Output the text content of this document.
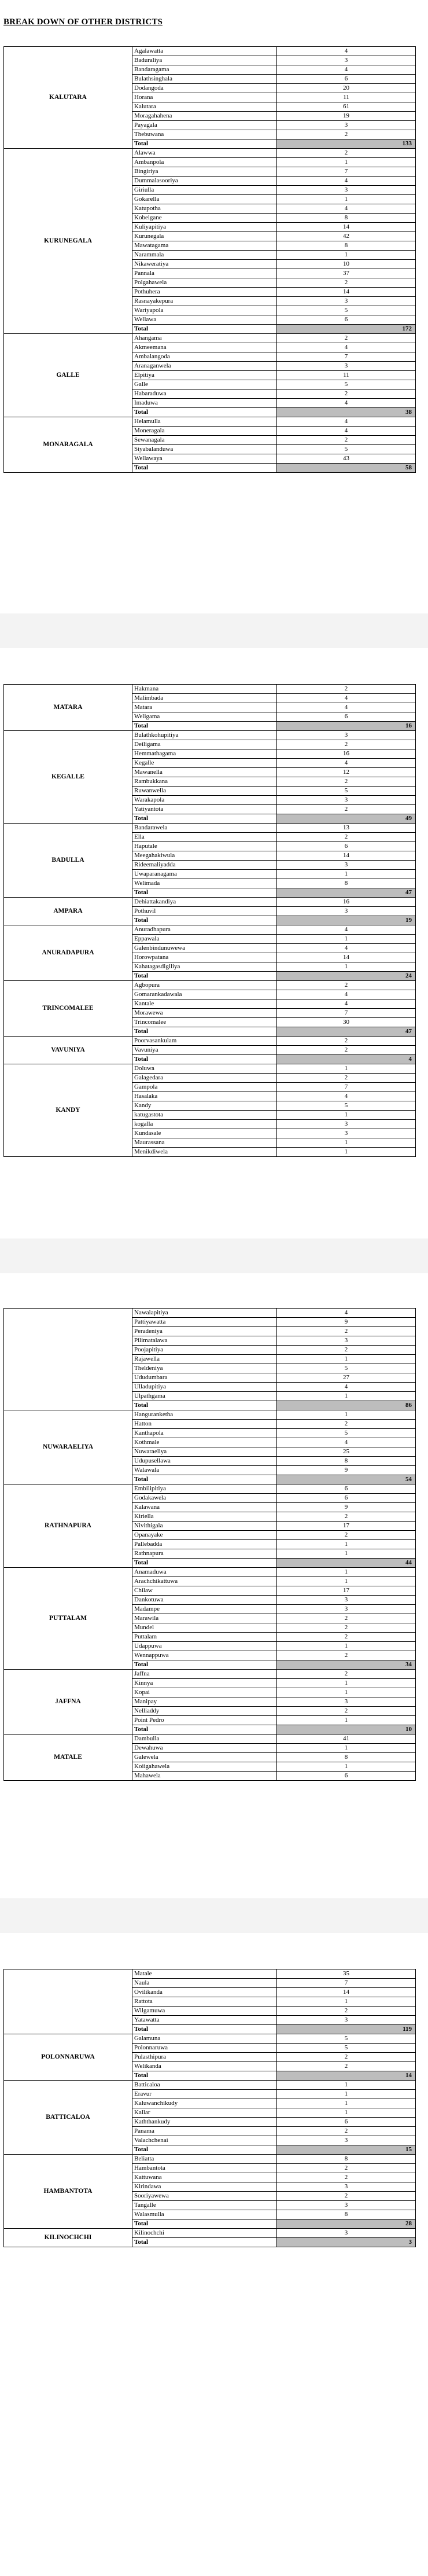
BREAK DOWN OF OTHER DISTRICTS
KALUTARA	Agalawatta	4
	Baduraliya	3
	Bandaragama	4
	Bulathsinghala	6
	Dodangoda	20
	Horana	11
	Kalutara	61
	Moragahahena	19
	Payagala	3
	Thebuwana	2
	Total	133
KURUNEGALA	Alawwa	2
	Ambanpola	1
	Bingiriya	7
	Dummalasooriya	4
	Giriulla	3
	Gokarella	1
	Katupotha	4
	Kobeigane	8
	Kuliyapitiya	14
	Kurunegala	42
	Mawatagama	8
	Narammala	1
	Nikaweratiya	10
	Pannala	37
	Polgahawela	2
	Pothuhera	14
	Rasnayakepura	3
	Wariyapola	5
	Wellawa	6
	Total	172
GALLE	Ahangama	2
	Akmeemana	4
	Ambalangoda	7
	Aranaganwela	3
	Elpitiya	11
	Galle	5
	Habaraduwa	2
	Imaduwa	4
	Total	38
MONARAGALA	Helamulla	4
	Moneragala	4
	Sewanagala	2
	Siyabalanduwa	5
	Wellawaya	43
	Total	58
MATARA	Hakmana	2
	Malimbada	4
	Matara	4
	Weligama	6
	Total	16
KEGALLE	Bulathkohupitiya	3
	Deiligama	2
	Hemmathagama	16
	Kegalle	4
	Mawanella	12
	Rambukkana	2
	Ruwanwella	5
	Warakapola	3
	Yatiyantota	2
	Total	49
BADULLA	Bandarawela	13
	Ella	2
	Haputale	6
	Meegahakiwula	14
	Rideemaliyadda	3
	Uwaparanagama	1
	Welimada	8
	Total	47
AMPARA	Dehiattakandiya	16
	Pothuvil	3
	Total	19
ANURADAPURA	Anuradhapura	4
	Eppawala	1
	Galenbindunuwewa	4
	Horowpatana	14
	Kahatagasdigiliya	1
	Total	24
TRINCOMALEE	Agbopura	2
	Gomarankadawala	4
	Kantale	4
	Morawewa	7
	Trincomalee	30
	Total	47
VAVUNIYA	Poorvasankulam	2
	Vavuniya	2
	Total	4
KANDY	Doluwa	1
	Galagedara	2
	Gampola	7
	Hasalaka	4
	Kandy	5
	katugastota	1
	kogalla	3
	Kundasale	3
	Maurassana	1
	Menikdiwela	1
	Nawalapitiya	4
	Pattiyawatta	9
	Peradeniya	2
	Pilimatalawa	3
	Poojapitiya	2
	Rajawella	1
	Theldeniya	5
	Ududumbara	27
	Ulladupitiya	4
	Ulpathgama	1
	Total	86
NUWARAELIYA	Hanguranketha	1
	Hatton	2
	Kanthapola	5
	Kothmale	4
	Nuwaraeliya	25
	Udupusellawa	8
	Walawala	9
	Total	54
RATHNAPURA	Embilipitiya	6
	Godakawela	6
	Kalawana	9
	Kiriella	2
	Nivithigala	17
	Opanayake	2
	Pallebadda	1
	Rathnapura	1
	Total	44
PUTTALAM	Anamaduwa	1
	Arachchikattuwa	1
	Chilaw	17
	Dankotuwa	3
	Madampe	3
	Marawila	2
	Mundel	2
	Puttalam	2
	Udappuwa	1
	Wennappuwa	2
	Total	34
JAFFNA	Jaffna	2
	Kinnya	1
	Kopai	1
	Manipay	3
	Nelliaddy	2
	Point Pedro	1
	Total	10
MATALE	Dambulla	41
	Dewahuwa	1
	Galewela	8
	Koiigahawela	1
	Mahawela	6
	Matale	35
	Naula	7
	Ovilikanda	14
	Rattota	1
	Wilgamuwa	2
	Yatawatta	3
	Total	119
POLONNARUWA	Galamuna	5
	Polonnaruwa	5
	Pulasthipura	2
	Welikanda	2
	Total	14
BATTICALOA	Batticaloa	1
	Eravur	1
	Kaluwanchikudy	1
	Kallar	1
	Kaththankudy	6
	Panama	2
	Valachchenai	3
	Total	15
HAMBANTOTA	Beliatta	8
	Hambantota	2
	Kattuwana	2
	Kirindawa	3
	Sooriyawewa	2
	Tangalle	3
	Walasmulla	8
	Total	28
KILINOCHCHI	Kilinochchi	3
	Total	3
